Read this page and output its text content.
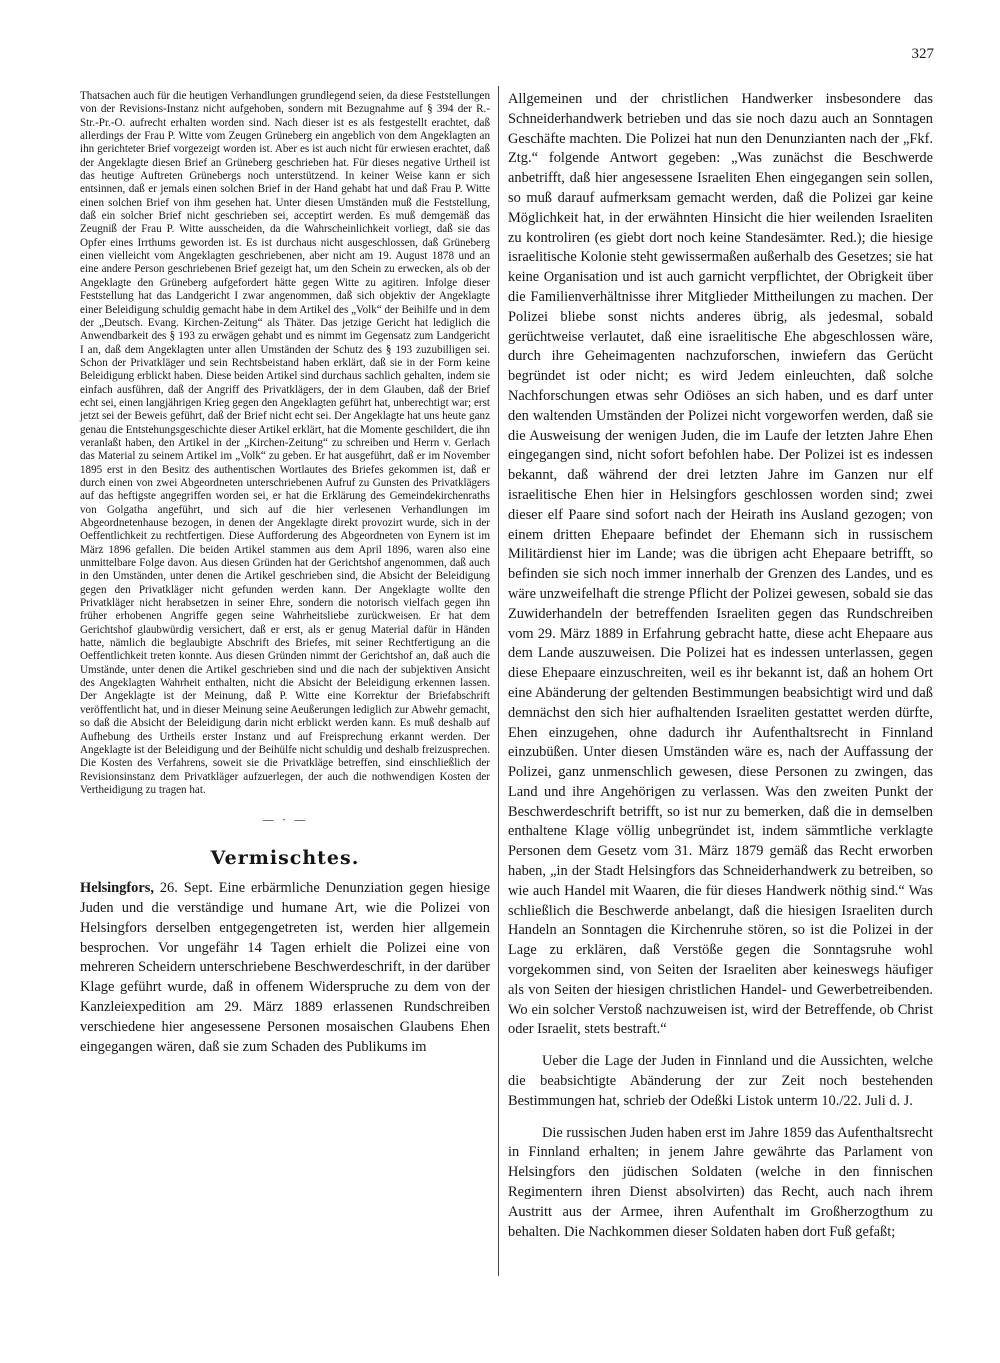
327

Thatsachen auch für die heutigen Verhandlungen grundlegend seien, da diese Feststellungen von der Revisions-Instanz nicht aufgehoben, sondern mit Bezugnahme auf § 394 der R.-Str.-Pr.-O. aufrecht erhalten worden sind. Nach dieser ist es als festgestellt erachtet, daß allerdings der Frau P. Witte vom Zeugen Grüneberg ein angeblich von dem Angeklagten an ihn gerichteter Brief vorgezeigt worden ist. Aber es ist auch nicht für erwiesen erachtet, daß der Angeklagte diesen Brief an Grüneberg geschrieben hat. Für dieses negative Urtheil ist das heutige Auftreten Grünebergs noch unterstützend. In keiner Weise kann er sich entsinnen, daß er jemals einen solchen Brief in der Hand gehabt hat und daß Frau P. Witte einen solchen Brief von ihm gesehen hat. Unter diesen Umständen muß die Feststellung, daß ein solcher Brief nicht geschrieben sei, acceptirt werden. Es muß demgemäß das Zeugniß der Frau P. Witte ausscheiden, da die Wahrscheinlichkeit vorliegt, daß sie das Opfer eines Irrthums geworden ist. Es ist durchaus nicht ausgeschlossen, daß Grüneberg einen vielleicht vom Angeklagten geschriebenen, aber nicht am 19. August 1878 und an eine andere Person geschriebenen Brief gezeigt hat, um den Schein zu erwecken, als ob der Angeklagte den Grüneberg aufgefordert hätte gegen Witte zu agitiren. Infolge dieser Feststellung hat das Landgericht I zwar angenommen, daß sich objektiv der Angeklagte einer Beleidigung schuldig gemacht habe in dem Artikel des „Volk“ der Beihilfe und in dem der „Deutsch. Evang. Kirchen-Zeitung“ als Thäter. Das jetzige Gericht hat lediglich die Anwendbarkeit des § 193 zu erwägen gehabt und es nimmt im Gegensatz zum Landgericht I an, daß dem Angeklagten unter allen Umständen der Schutz des § 193 zuzubilligen sei. Schon der Privatkläger und sein Rechtsbeistand haben erklärt, daß sie in der Form keine Beleidigung erblickt haben. Diese beiden Artikel sind durchaus sachlich gehalten, indem sie einfach ausführen, daß der Angriff des Privatklägers, der in dem Glauben, daß der Brief echt sei, einen langjährigen Krieg gegen den Angeklagten geführt hat, unberechtigt war; erst jetzt sei der Beweis geführt, daß der Brief nicht echt sei. Der Angeklagte hat uns heute ganz genau die Entstehungsgeschichte dieser Artikel erklärt, hat die Momente geschildert, die ihn veranlaßt haben, den Artikel in der „Kirchen-Zeitung“ zu schreiben und Herrn v. Gerlach das Material zu seinem Artikel im „Volk“ zu geben. Er hat ausgeführt, daß er im November 1895 erst in den Besitz des authentischen Wortlautes des Briefes gekommen ist, daß er durch einen von zwei Abgeordneten unterschriebenen Aufruf zu Gunsten des Privatklägers auf das heftigste angegriffen worden sei, er hat die Erklärung des Gemeindekirchenraths von Golgatha angeführt, und sich auf die hier verlesenen Verhandlungen im Abgeordnetenhause bezogen, in denen der Angeklagte direkt provozirt wurde, sich in der Oeffentlichkeit zu rechtfertigen. Diese Aufforderung des Abgeordneten von Eynern ist im März 1896 gefallen. Die beiden Artikel stammen aus dem April 1896, waren also eine unmittelbare Folge davon. Aus diesen Gründen hat der Gerichtshof angenommen, daß auch in den Umständen, unter denen die Artikel geschrieben sind, die Absicht der Beleidigung gegen den Privatkläger nicht gefunden werden kann. Der Angeklagte wollte den Privatkläger nicht herabsetzen in seiner Ehre, sondern die notorisch vielfach gegen ihn früher erhobenen Angriffe gegen seine Wahrheitsliebe zurückweisen. Er hat dem Gerichtshof glaubwürdig versichert, daß er erst, als er genug Material dafür in Händen hatte, nämlich die beglaubigte Abschrift des Briefes, mit seiner Rechtfertigung an die Oeffentlichkeit treten konnte. Aus diesen Gründen nimmt der Gerichtshof an, daß auch die Umstände, unter denen die Artikel geschrieben sind und die nach der subjektiven Ansicht des Angeklagten Wahrheit enthalten, nicht die Absicht der Beleidigung erkennen lassen. Der Angeklagte ist der Meinung, daß P. Witte eine Korrektur der Briefabschrift veröffentlicht hat, und in dieser Meinung seine Aeußerungen lediglich zur Abwehr gemacht, so daß die Absicht der Beleidigung darin nicht erblickt werden kann. Es muß deshalb auf Aufhebung des Urtheils erster Instanz und auf Freisprechung erkannt werden. Der Angeklagte ist der Beleidigung und der Beihülfe nicht schuldig und deshalb freizusprechen. Die Kosten des Verfahrens, soweit sie die Privatkläge betreffen, sind einschließlich der Revisionsinstanz dem Privatkläger aufzuerlegen, der auch die nothwendigen Kosten der Vertheidigung zu tragen hat.

— · —
Vermischtes.

Helsingfors, 26. Sept. Eine erbärmliche Denunziation gegen hiesige Juden und die verständige und humane Art, wie die Polizei von Helsingfors derselben entgegengetreten ist, werden hier allgemein besprochen. Vor ungefähr 14 Tagen erhielt die Polizei eine von mehreren Scheidern unterschriebene Beschwerdeschrift, in der darüber Klage geführt wurde, daß in offenem Widerspruche zu dem von der Kanzleiexpedition am 29. März 1889 erlassenen Rundschreiben verschiedene hier angesessene Personen mosaischen Glaubens Ehen eingegangen wären, daß sie zum Schaden des Publikums im

Allgemeinen und der christlichen Handwerker insbesondere das Schneiderhandwerk betrieben und das sie noch dazu auch an Sonntagen Geschäfte machten. Die Polizei hat nun den Denunzianten nach der „Fkf. Ztg.“ folgende Antwort gegeben: „Was zunächst die Beschwerde anbetrifft, daß hier angesessene Israeliten Ehen eingegangen sein sollen, so muß darauf aufmerksam gemacht werden, daß die Polizei gar keine Möglichkeit hat, in der erwähnten Hinsicht die hier weilenden Israeliten zu kontroliren (es giebt dort noch keine Standesämter. Red.); die hiesige israelitische Kolonie steht gewissermaßen außerhalb des Gesetzes; sie hat keine Organisation und ist auch garnicht verpflichtet, der Obrigkeit über die Familienverhältnisse ihrer Mitglieder Mittheilungen zu machen. Der Polizei bliebe sonst nichts anderes übrig, als jedesmal, sobald gerüchtweise verlautet, daß eine israelitische Ehe abgeschlossen wäre, durch ihre Geheimagenten nachzuforschen, inwiefern das Gerücht begründet ist oder nicht; es wird Jedem einleuchten, daß solche Nachforschungen etwas sehr Odiöses an sich haben, und es darf unter den waltenden Umständen der Polizei nicht vorgeworfen werden, daß sie die Ausweisung der wenigen Juden, die im Laufe der letzten Jahre Ehen eingegangen sind, nicht sofort befohlen habe. Der Polizei ist es indessen bekannt, daß während der drei letzten Jahre im Ganzen nur elf israelitische Ehen hier in Helsingfors geschlossen worden sind; zwei dieser elf Paare sind sofort nach der Heirath ins Ausland gezogen; von einem dritten Ehepaare befindet der Ehemann sich in russischem Militärdienst hier im Lande; was die übrigen acht Ehepaare betrifft, so befinden sie sich noch immer innerhalb der Grenzen des Landes, und es wäre unzweifelhaft die strenge Pflicht der Polizei gewesen, sobald sie das Zuwiderhandeln der betreffenden Israeliten gegen das Rundschreiben vom 29. März 1889 in Erfahrung gebracht hatte, diese acht Ehepaare aus dem Lande auszuweisen. Die Polizei hat es indessen unterlassen, gegen diese Ehepaare einzuschreiten, weil es ihr bekannt ist, daß an hohem Ort eine Abänderung der geltenden Bestimmungen beabsichtigt wird und daß demnächst den sich hier aufhaltenden Israeliten gestattet werden dürfte, Ehen einzugehen, ohne dadurch ihr Aufenthaltsrecht in Finnland einzubüßen. Unter diesen Umständen wäre es, nach der Auffassung der Polizei, ganz unmenschlich gewesen, diese Personen zu zwingen, das Land und ihre Angehörigen zu verlassen. Was den zweiten Punkt der Beschwerdeschrift betrifft, so ist nur zu bemerken, daß die in demselben enthaltene Klage völlig unbegründet ist, indem sämmtliche verklagte Personen dem Gesetz vom 31. März 1879 gemäß das Recht erworben haben, „in der Stadt Helsingfors das Schneiderhandwerk zu betreiben, so wie auch Handel mit Waaren, die für dieses Handwerk nöthig sind.“ Was schließlich die Beschwerde anbelangt, daß die hiesigen Israeliten durch Handeln an Sonntagen die Kirchenruhe stören, so ist die Polizei in der Lage zu erklären, daß Verstöße gegen die Sonntagsruhe wohl vorgekommen sind, von Seiten der Israeliten aber keineswegs häufiger als von Seiten der hiesigen christlichen Handel- und Gewerbetreibenden. Wo ein solcher Verstoß nachzuweisen ist, wird der Betreffende, ob Christ oder Israelit, stets bestraft.“

Ueber die Lage der Juden in Finnland und die Aussichten, welche die beabsichtigte Abänderung der zur Zeit noch bestehenden Bestimmungen hat, schrieb der Odeßki Listok unterm 10./22. Juli d. J.

Die russischen Juden haben erst im Jahre 1859 das Aufenthaltsrecht in Finnland erhalten; in jenem Jahre gewährte das Parlament von Helsingfors den jüdischen Soldaten (welche in den finnischen Regimentern ihren Dienst absolvirten) das Recht, auch nach ihrem Austritt aus der Armee, ihren Aufenthalt im Großherzogthum zu behalten. Die Nachkommen dieser Soldaten haben dort Fuß gefaßt;
